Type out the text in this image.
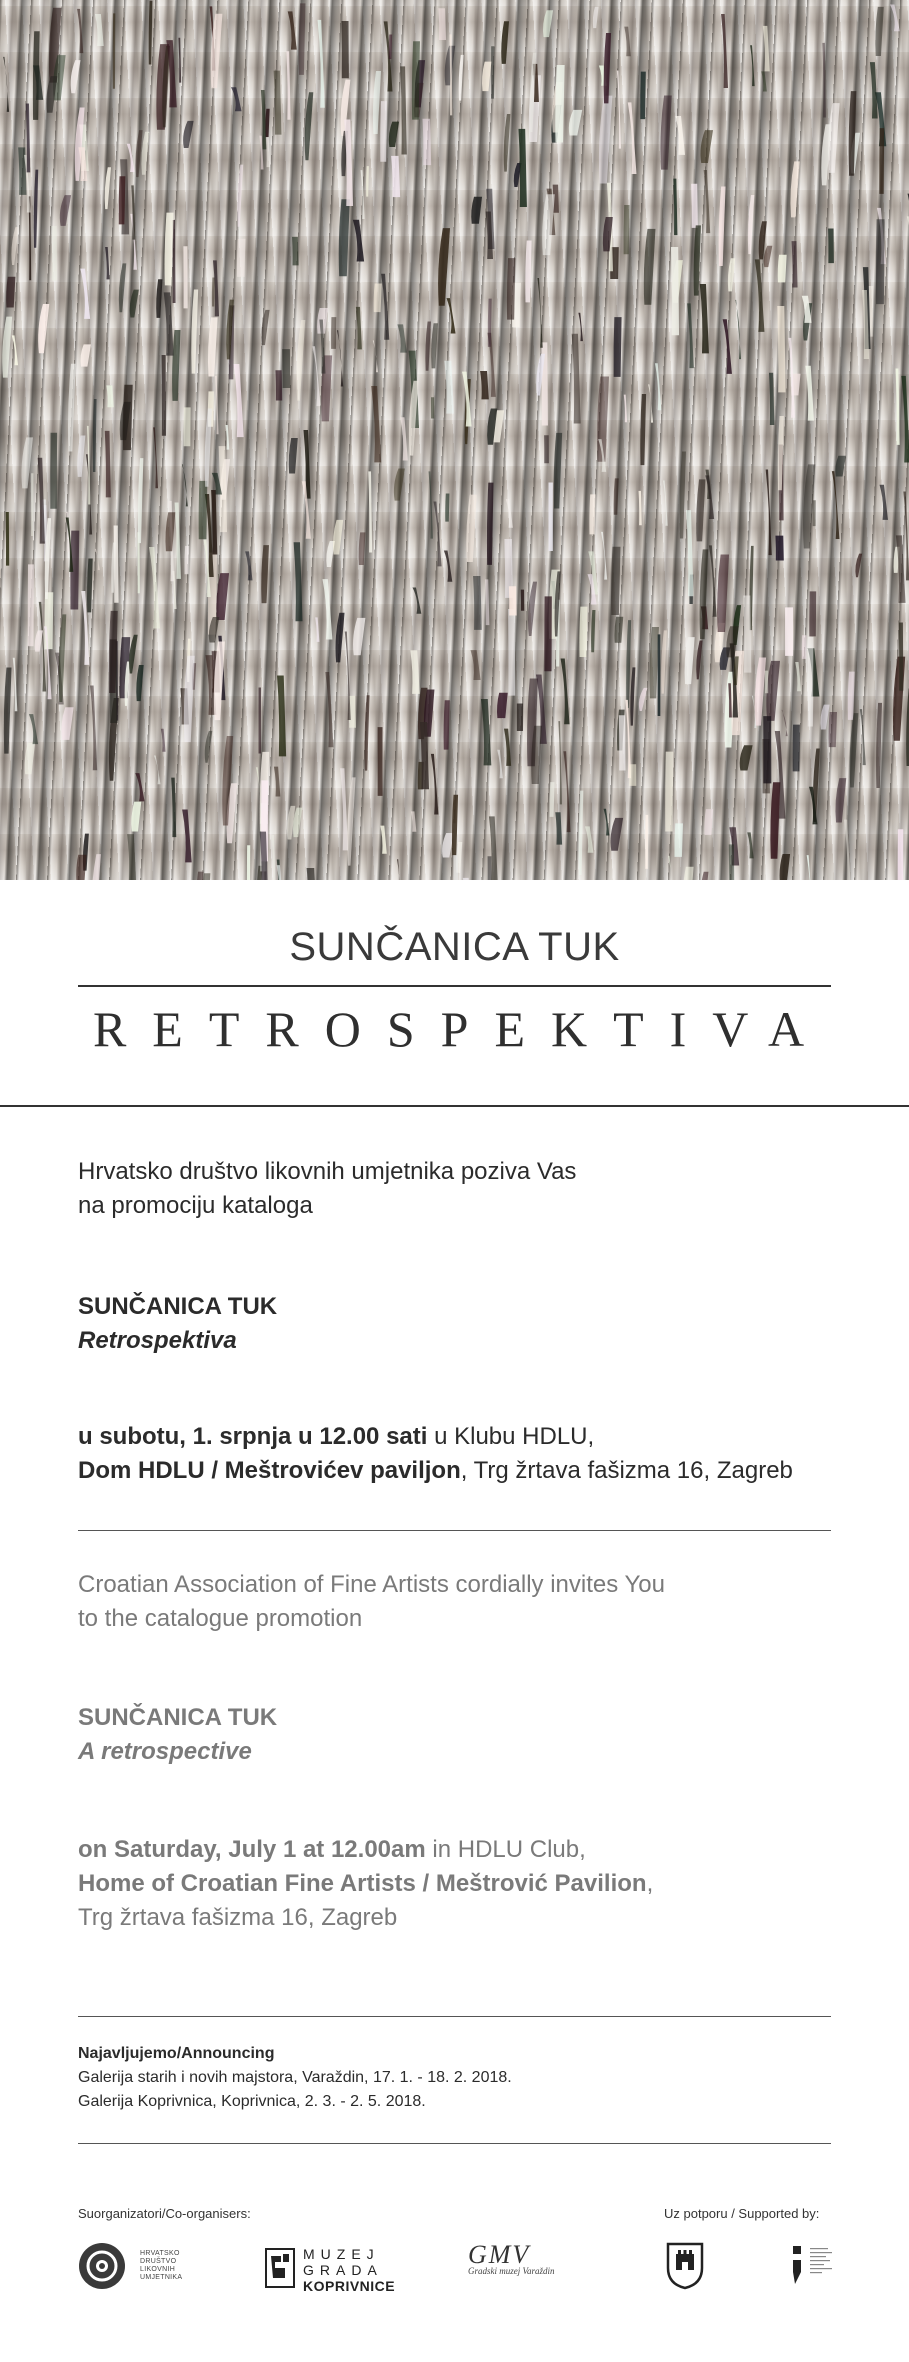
SUNČANICA TUK
RETROSPEKTIVA
Hrvatsko društvo likovnih umjetnika poziva Vas
na promociju kataloga
SUNČANICA TUK
Retrospektiva
u subotu, 1. srpnja u 12.00 sati u Klubu HDLU,
Dom HDLU / Meštrovićev paviljon, Trg žrtava fašizma 16, Zagreb
Croatian Association of Fine Artists cordially invites You
to the catalogue promotion
SUNČANICA TUK
A retrospective
on Saturday, July 1 at 12.00am in HDLU Club,
Home of Croatian Fine Artists / Meštrović Pavilion,
Trg žrtava fašizma 16, Zagreb
Najavljujemo/Announcing
Galerija starih i novih majstora, Varaždin, 17. 1. - 18. 2. 2018.
Galerija Koprivnica, Koprivnica, 2. 3. - 2. 5. 2018.
Suorganizatori/Co-organisers:	Uz potporu / Supported by:
HRVATSKO
DRUŠTVO
LIKOVNIH
UMJETNIKA
MUZEJ
GRADA
KOPRIVNICE
GMV
Gradski muzej Varaždin
